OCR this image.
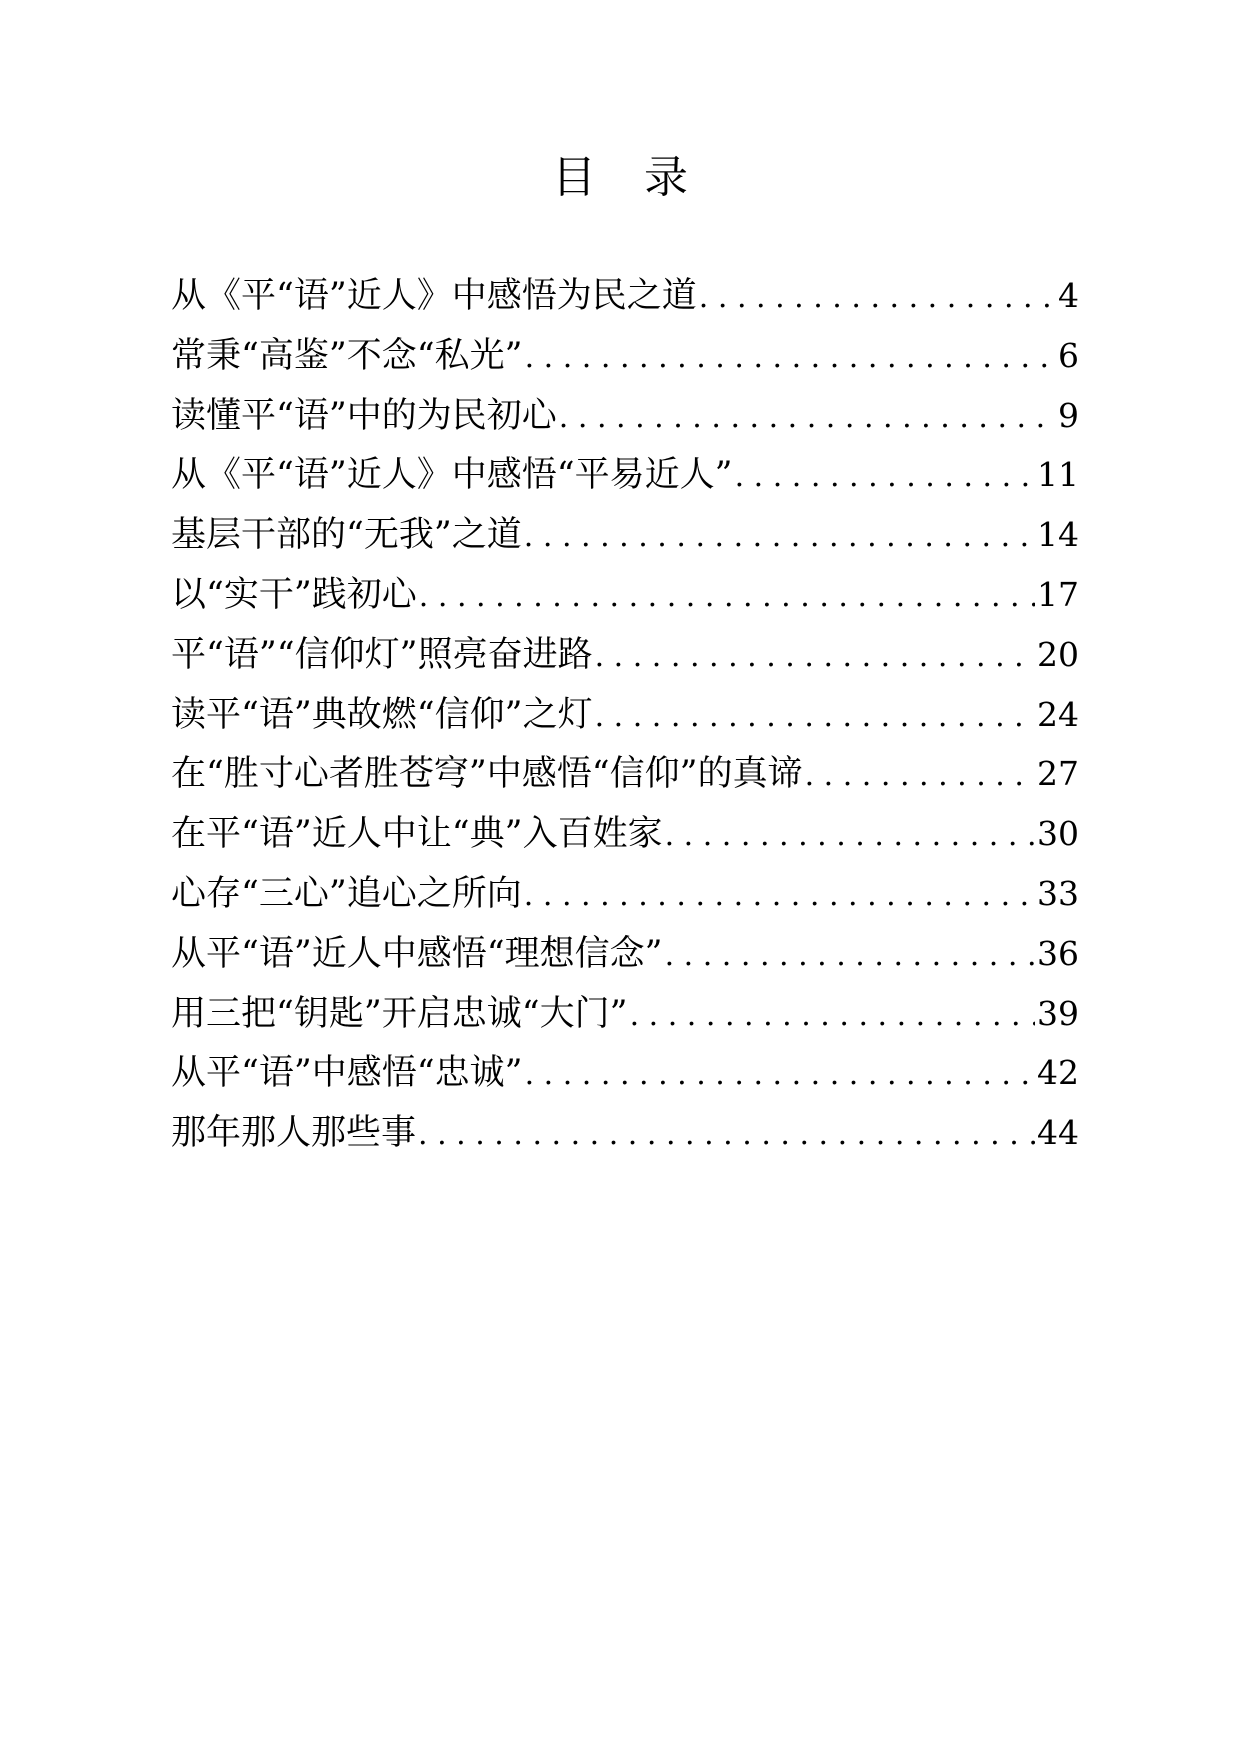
目 录
从《平“语”近人》中感悟为民之道 . . .	4
常秉“高鉴”不念“私光” . . .	6
读懂平“语”中的为民初心 . . .	9
从《平“语”近人》中感悟“平易近人” . . .	11
基层干部的“无我”之道 . . .	14
以“实干”践初心 . . .	17
平“语”“信仰灯”照亮奋进路 . . .	20
读平“语”典故燃“信仰”之灯 . . .	24
在“胜寸心者胜苍穹”中感悟“信仰”的真谛 . . .	27
在平“语”近人中让“典”入百姓家 . . .	30
心存“三心”追心之所向 . . .	33
从平“语”近人中感悟“理想信念” . . .	36
用三把“钥匙”开启忠诚“大门” . . .	39
从平“语”中感悟“忠诚” . . .	42
那年那人那些事 . . .	44
